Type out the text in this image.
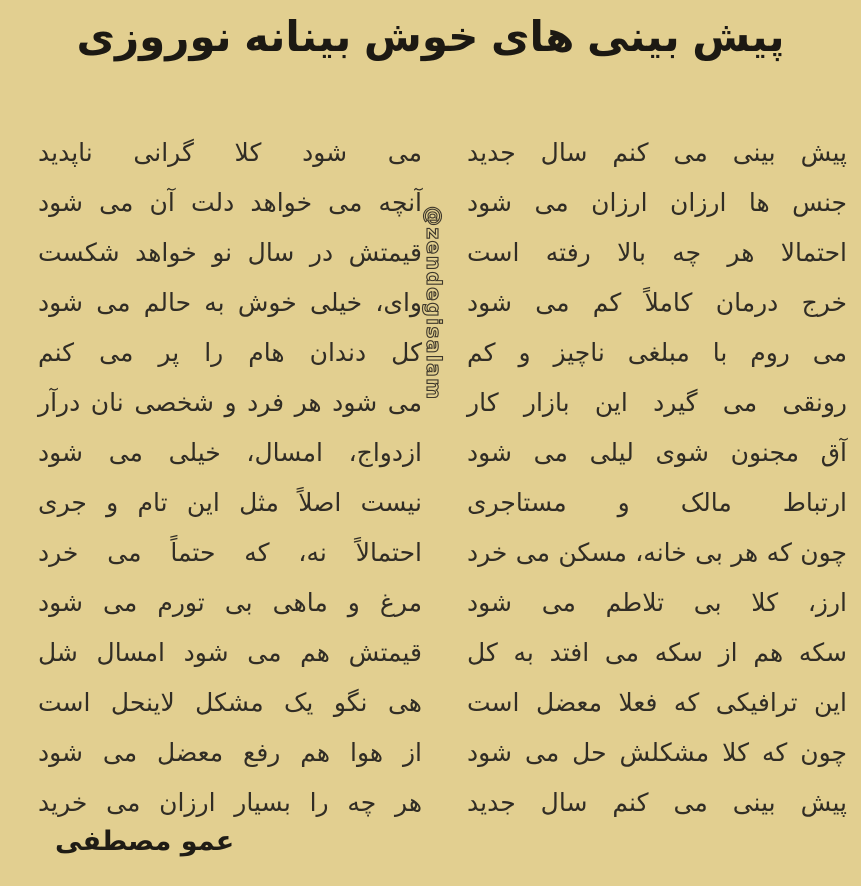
پیش بینی های خوش بینانه نوروزی
پیش بینی می کنم سال جدید
جنس ها ارزان ارزان می شود
احتمالا هر چه بالا رفته است
خرج درمان کاملاً کم می شود
می روم با مبلغی ناچیز و کم
رونقی می گیرد این بازار کار
آق مجنون شوی لیلی می شود
ارتباط مالک و مستاجری
چون که هر بی خانه، مسکن می خرد
ارز، کلا بی تلاطم می شود
سکه هم از سکه می افتد به کل
این ترافیکی که فعلا معضل است
چون که کلا مشکلش حل می شود
پیش بینی می کنم سال جدید
می شود کلا گرانی ناپدید
آنچه می خواهد دلت آن می شود
قیمتش در سال نو خواهد شکست
وای، خیلی خوش به حالم می شود
کل دندان هام را پر می کنم
می شود هر فرد و شخصی نان درآر
ازدواج، امسال، خیلی می شود
نیست اصلاً مثل این تام و جری
احتمالاً نه، که حتماً می خرد
مرغ و ماهی بی تورم می شود
قیمتش هم می شود امسال شل
هی نگو یک مشکل لاینحل است
از هوا هم رفع معضل می شود
هر چه را بسیار ارزان می خرید
@zendegisalam
عمو مصطفی
